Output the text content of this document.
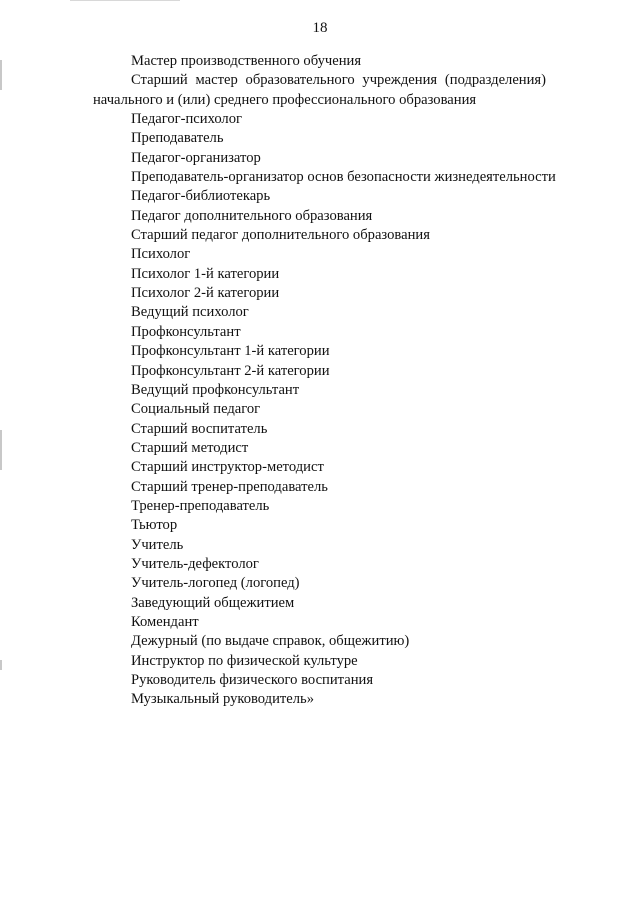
18
Мастер производственного обучения
Старший мастер образовательного учреждения (подразделения) начального и (или) среднего профессионального образования
Педагог-психолог
Преподаватель
Педагог-организатор
Преподаватель-организатор основ безопасности жизнедеятельности
Педагог-библиотекарь
Педагог дополнительного образования
Старший педагог дополнительного образования
Психолог
Психолог 1-й категории
Психолог 2-й категории
Ведущий психолог
Профконсультант
Профконсультант 1-й категории
Профконсультант 2-й категории
Ведущий профконсультант
Социальный педагог
Старший воспитатель
Старший методист
Старший инструктор-методист
Старший тренер-преподаватель
Тренер-преподаватель
Тьютор
Учитель
Учитель-дефектолог
Учитель-логопед (логопед)
Заведующий общежитием
Комендант
Дежурный (по выдаче справок, общежитию)
Инструктор по физической культуре
Руководитель физического воспитания
Музыкальный руководитель»
